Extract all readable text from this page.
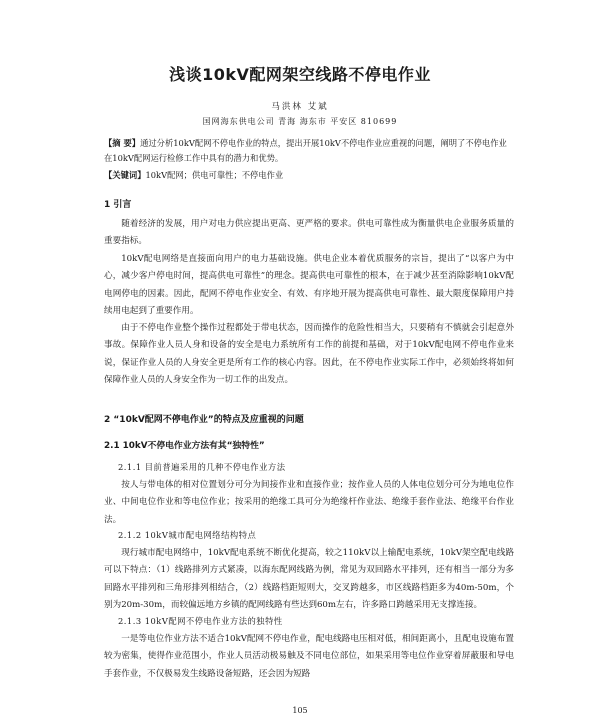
浅谈10kV配网架空线路不停电作业
马洪林 艾斌
国网海东供电公司 青海 海东市 平安区 810699
【摘 要】通过分析10kV配网不停电作业的特点，提出开展10kV不停电作业应重视的问题，阐明了不停电作业在10kV配网运行检修工作中具有的潜力和优势。
【关键词】10kV配网；供电可靠性；不停电作业
1 引言
随着经济的发展，用户对电力供应提出更高、更严格的要求。供电可靠性成为衡量供电企业服务质量的重要指标。
10kV配电网络是直接面向用户的电力基础设施。供电企业本着优质服务的宗旨，提出了“以客户为中心，减少客户停电时间，提高供电可靠性”的理念。提高供电可靠性的根本，在于减少甚至消除影响10kV配电网停电的因素。因此，配网不停电作业安全、有效、有序地开展为提高供电可靠性、最大限度保障用户持续用电起到了重要作用。
由于不停电作业整个操作过程都处于带电状态，因而操作的危险性相当大，只要稍有不慎就会引起意外事故。保障作业人员人身和设备的安全是电力系统所有工作的前提和基础，对于10kV配电网不停电作业来说，保证作业人员的人身安全更是所有工作的核心内容。因此，在不停电作业实际工作中，必须始终将如何保障作业人员的人身安全作为一切工作的出发点。
2 “10kV配网不停电作业”的特点及应重视的问题
2.1 10kV不停电作业方法有其“独特性”
2.1.1 目前普遍采用的几种不停电作业方法
按人与带电体的相对位置划分可分为间接作业和直接作业；按作业人员的人体电位划分可分为地电位作业、中间电位作业和等电位作业；按采用的绝缘工具可分为绝缘杆作业法、绝缘手套作业法、绝缘平台作业法。
2.1.2 10kV城市配电网络结构特点
现行城市配电网络中，10kV配电系统不断优化提高，较之110kV以上输配电系统，10kV架空配电线路可以下特点：（1）线路排列方式紧凑，以海东配网线路为例，常见为双回路水平排列，还有相当一部分为多回路水平排列和三角形排列相结合，（2）线路档距短则大，交叉跨越多，市区线路档距多为40m-50m，个别为20m-30m，而较偏远地方乡镇的配网线路有些达到60m左右，许多路口跨越采用无支撑连接。
2.1.3 10kV配网不停电作业方法的独特性
一是等电位作业方法不适合10kV配网不停电作业，配电线路电压相对低，相间距离小，且配电设施布置较为密集，使得作业范围小，作业人员活动极易触及不同电位部位，如果采用等电位作业穿着屏蔽服和导电手套作业，不仅极易发生线路设备短路，还会因为短路
105
